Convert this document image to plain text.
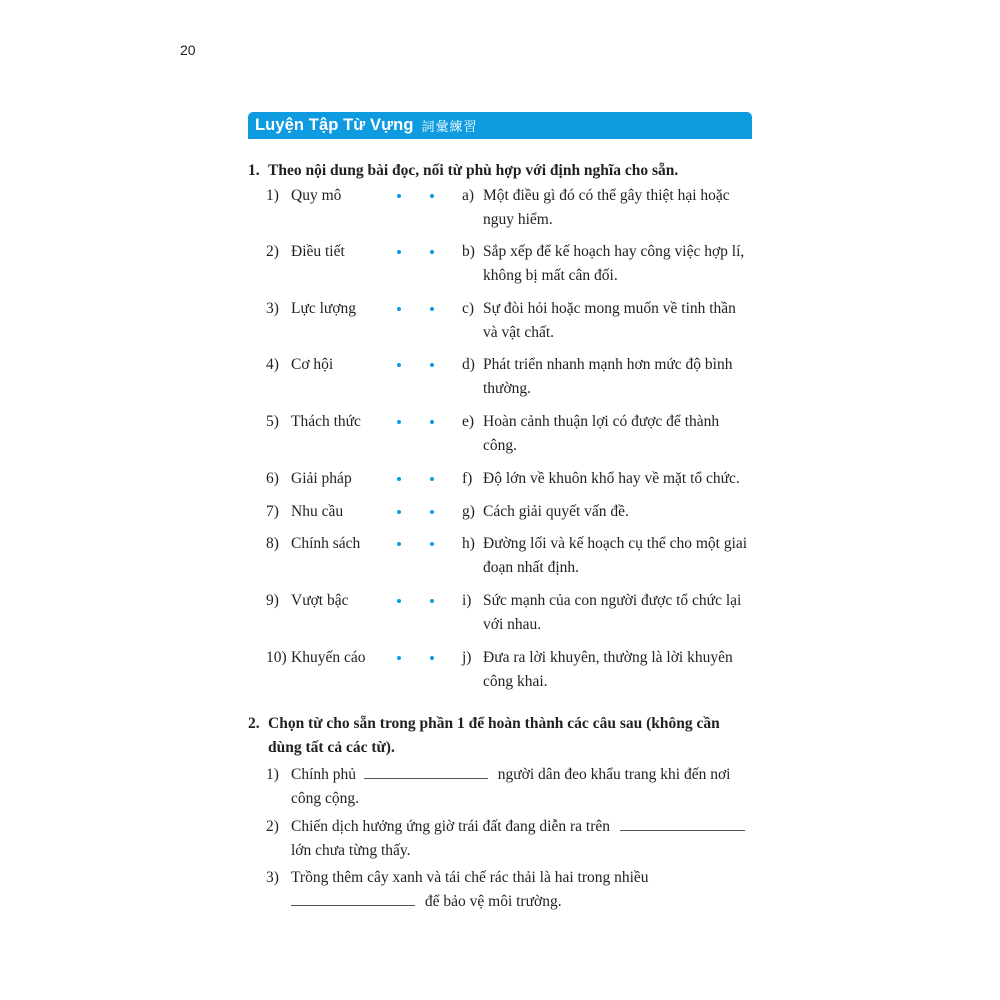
20
Luyện Tập Từ Vựng 詞彙練習
1. Theo nội dung bài đọc, nối từ phù hợp với định nghĩa cho sẵn.
1) Quy mô	a) Một điều gì đó có thể gây thiệt hại hoặc nguy hiểm.
2) Điều tiết	b) Sắp xếp để kế hoạch hay công việc hợp lí, không bị mất cân đối.
3) Lực lượng	c) Sự đòi hỏi hoặc mong muốn về tinh thần và vật chất.
4) Cơ hội	d) Phát triển nhanh mạnh hơn mức độ bình thường.
5) Thách thức	e) Hoàn cảnh thuận lợi có được để thành công.
6) Giải pháp	f) Độ lớn về khuôn khổ hay về mặt tổ chức.
7) Nhu cầu	g) Cách giải quyết vấn đề.
8) Chính sách	h) Đường lối và kế hoạch cụ thể cho một giai đoạn nhất định.
9) Vượt bậc	i) Sức mạnh của con người được tổ chức lại với nhau.
10) Khuyến cáo	j) Đưa ra lời khuyên, thường là lời khuyên công khai.
2. Chọn từ cho sẵn trong phần 1 để hoàn thành các câu sau (không cần
dùng tất cả các từ).
1) Chính phủ	người dân đeo khẩu trang khi đến nơi
công cộng.
2) Chiến dịch hưởng ứng giờ trái đất đang diễn ra trên
lớn chưa từng thấy.
3) Trồng thêm cây xanh và tái chế rác thải là hai trong nhiều
để bảo vệ môi trường.
